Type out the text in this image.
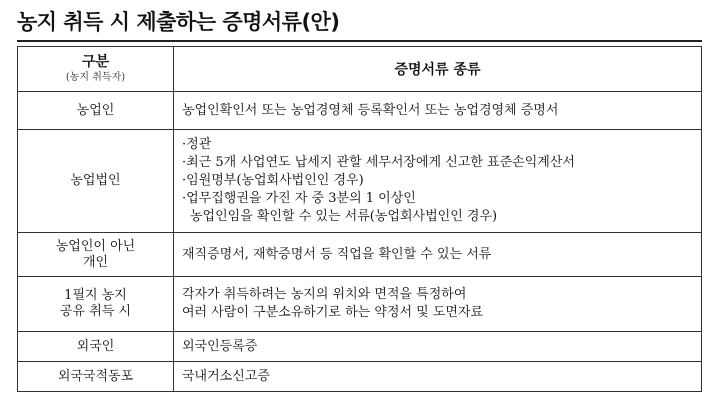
농지 취득 시 제출하는 증명서류(안)
구분
(농지 취득자)	증명서류 종류

농업인	농업인확인서 또는 농업경영체 등록확인서 또는 농업경영체 증명서

농업법인	·정관
·최근 5개 사업연도 납세지 관할 세무서장에게 신고한 표준손익계산서
·임원명부(농업회사법인인 경우)
·업무집행권을 가진 자 중 3분의 1 이상인
농업인임을 확인할 수 있는 서류(농업회사법인인 경우)

농업인이 아닌
개인	재직증명서, 재학증명서 등 직업을 확인할 수 있는 서류

1필지 농지
공유 취득 시	각자가 취득하려는 농지의 위치와 면적을 특정하여
여러 사람이 구분소유하기로 하는 약정서 및 도면자료

외국인	외국인등록증

외국국적동포	국내거소신고증
